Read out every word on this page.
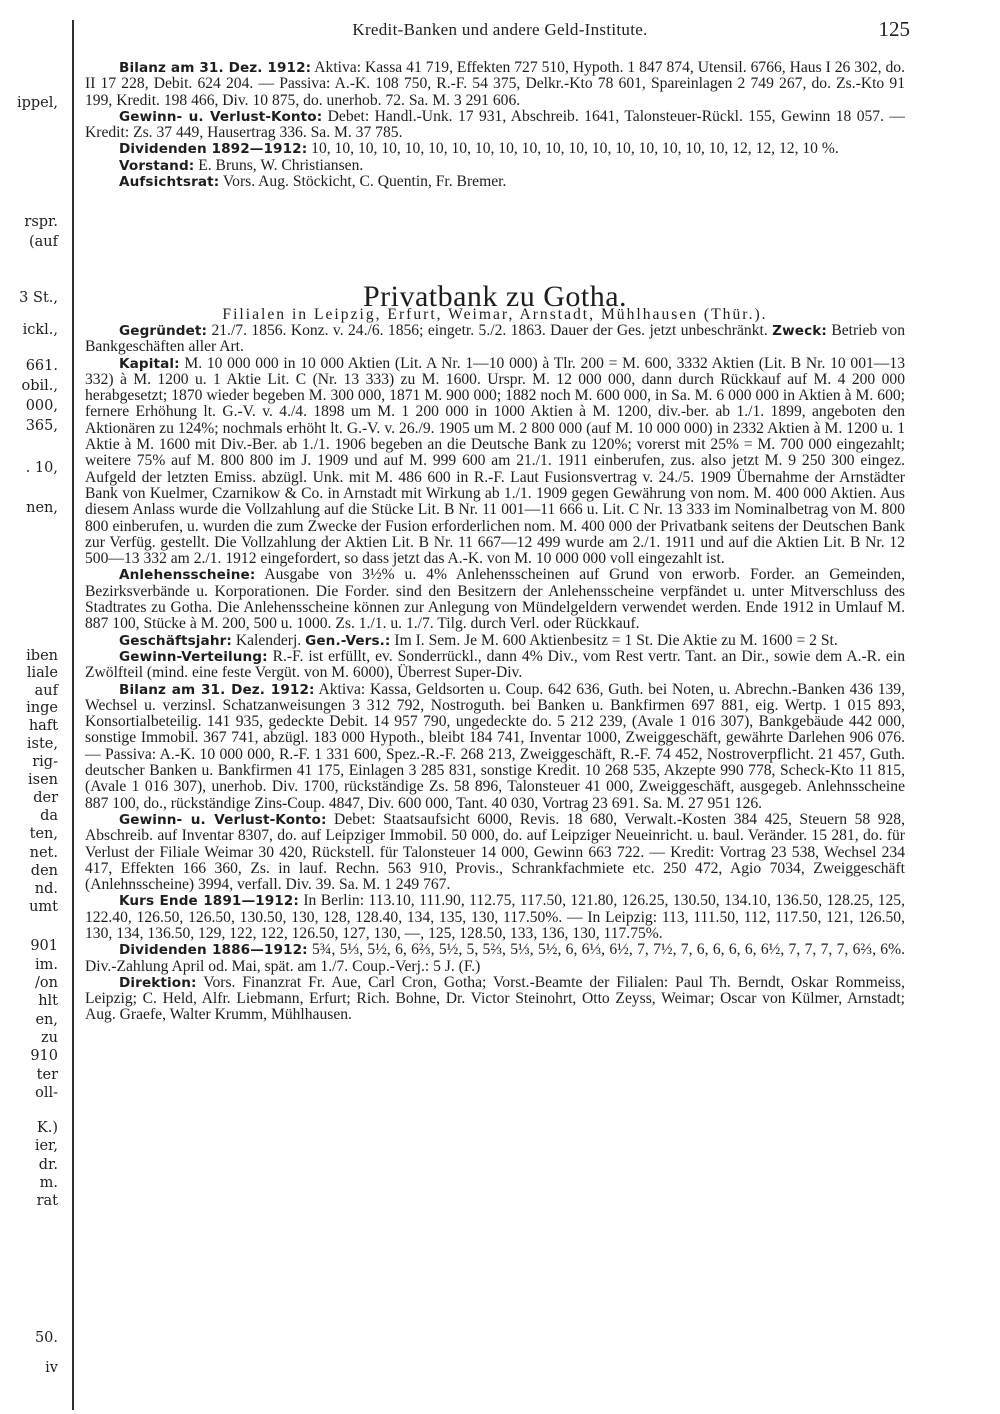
ippel,
rspr.
(auf
3 St.,
ickl.,
661.
obil.,
000,
365,
. 10,
nen,
iben
liale
auf
inge
haft
iste,
rig-
isen
der
da
ten,
net.
den
nd.
umt
901
im.
/on
hlt
en,
zu
910
ter
oll-
K.)
ier,
dr.
m.
rat
50.
iv
Kredit-Banken und andere Geld-Institute.	125

Bilanz am 31. Dez. 1912: Aktiva: Kassa 41 719, Effekten 727 510, Hypoth. 1 847 874, Utensil. 6766, Haus I 26 302, do. II 17 228, Debit. 624 204. — Passiva: A.-K. 108 750, R.-F. 54 375, Delkr.-Kto 78 601, Spareinlagen 2 749 267, do. Zs.-Kto 91 199, Kredit. 198 466, Div. 10 875, do. unerhob. 72. Sa. M. 3 291 606.

Gewinn- u. Verlust-Konto: Debet: Handl.-Unk. 17 931, Abschreib. 1641, Talonsteuer-Rückl. 155, Gewinn 18 057. — Kredit: Zs. 37 449, Hausertrag 336. Sa. M. 37 785.

Dividenden 1892—1912: 10, 10, 10, 10, 10, 10, 10, 10, 10, 10, 10, 10, 10, 10, 10, 10, 10, 10, 12, 12, 12, 10 %.

Vorstand: E. Bruns, W. Christiansen.

Aufsichtsrat: Vors. Aug. Stöckicht, C. Quentin, Fr. Bremer.

Privatbank zu Gotha.
Filialen in Leipzig, Erfurt, Weimar, Arnstadt, Mühlhausen (Thür.).

Gegründet: 21./7. 1856. Konz. v. 24./6. 1856; eingetr. 5./2. 1863. Dauer der Ges. jetzt unbeschränkt. Zweck: Betrieb von Bankgeschäften aller Art.

Kapital: M. 10 000 000 in 10 000 Aktien (Lit. A Nr. 1—10 000) à Tlr. 200 = M. 600, 3332 Aktien (Lit. B Nr. 10 001—13 332) à M. 1200 u. 1 Aktie Lit. C (Nr. 13 333) zu M. 1600. Urspr. M. 12 000 000, dann durch Rückkauf auf M. 4 200 000 herabgesetzt; 1870 wieder begeben M. 300 000, 1871 M. 900 000; 1882 noch M. 600 000, in Sa. M. 6 000 000 in Aktien à M. 600; fernere Erhöhung lt. G.-V. v. 4./4. 1898 um M. 1 200 000 in 1000 Aktien à M. 1200, div.-ber. ab 1./1. 1899, angeboten den Aktionären zu 124%; nochmals erhöht lt. G.-V. v. 26./9. 1905 um M. 2 800 000 (auf M. 10 000 000) in 2332 Aktien à M. 1200 u. 1 Aktie à M. 1600 mit Div.-Ber. ab 1./1. 1906 begeben an die Deutsche Bank zu 120%; vorerst mit 25% = M. 700 000 eingezahlt; weitere 75% auf M. 800 800 im J. 1909 und auf M. 999 600 am 21./1. 1911 einberufen, zus. also jetzt M. 9 250 300 eingez. Aufgeld der letzten Emiss. abzügl. Unk. mit M. 486 600 in R.-F. Laut Fusionsvertrag v. 24./5. 1909 Übernahme der Arnstädter Bank von Kuelmer, Czarnikow & Co. in Arnstadt mit Wirkung ab 1./1. 1909 gegen Gewährung von nom. M. 400 000 Aktien. Aus diesem Anlass wurde die Vollzahlung auf die Stücke Lit. B Nr. 11 001—11 666 u. Lit. C Nr. 13 333 im Nominalbetrag von M. 800 800 einberufen, u. wurden die zum Zwecke der Fusion erforderlichen nom. M. 400 000 der Privatbank seitens der Deutschen Bank zur Verfüg. gestellt. Die Vollzahlung der Aktien Lit. B Nr. 11 667—12 499 wurde am 2./1. 1911 und auf die Aktien Lit. B Nr. 12 500—13 332 am 2./1. 1912 eingefordert, so dass jetzt das A.-K. von M. 10 000 000 voll eingezahlt ist.

Anlehensscheine: Ausgabe von 3½% u. 4% Anlehensscheinen auf Grund von erworb. Forder. an Gemeinden, Bezirksverbände u. Korporationen. Die Forder. sind den Besitzern der Anlehensscheine verpfändet u. unter Mitverschluss des Stadtrates zu Gotha. Die Anlehensscheine können zur Anlegung von Mündelgeldern verwendet werden. Ende 1912 in Umlauf M. 887 100, Stücke à M. 200, 500 u. 1000. Zs. 1./1. u. 1./7. Tilg. durch Verl. oder Rückkauf.

Geschäftsjahr: Kalenderj. Gen.-Vers.: Im I. Sem. Je M. 600 Aktienbesitz = 1 St. Die Aktie zu M. 1600 = 2 St.

Gewinn-Verteilung: R.-F. ist erfüllt, ev. Sonderrückl., dann 4% Div., vom Rest vertr. Tant. an Dir., sowie dem A.-R. ein Zwölfteil (mind. eine feste Vergüt. von M. 6000), Überrest Super-Div.

Bilanz am 31. Dez. 1912: Aktiva: Kassa, Geldsorten u. Coup. 642 636, Guth. bei Noten, u. Abrechn.-Banken 436 139, Wechsel u. verzinsl. Schatzanweisungen 3 312 792, Nostroguth. bei Banken u. Bankfirmen 697 881, eig. Wertp. 1 015 893, Konsortialbeteilig. 141 935, gedeckte Debit. 14 957 790, ungedeckte do. 5 212 239, (Avale 1 016 307), Bankgebäude 442 000, sonstige Immobil. 367 741, abzügl. 183 000 Hypoth., bleibt 184 741, Inventar 1000, Zweiggeschäft, gewährte Darlehen 906 076. — Passiva: A.-K. 10 000 000, R.-F. 1 331 600, Spez.-R.-F. 268 213, Zweiggeschäft, R.-F. 74 452, Nostroverpflicht. 21 457, Guth. deutscher Banken u. Bankfirmen 41 175, Einlagen 3 285 831, sonstige Kredit. 10 268 535, Akzepte 990 778, Scheck-Kto 11 815, (Avale 1 016 307), unerhob. Div. 1700, rückständige Zs. 58 896, Talonsteuer 41 000, Zweiggeschäft, ausgegeb. Anlehnsscheine 887 100, do., rückständige Zins-Coup. 4847, Div. 600 000, Tant. 40 030, Vortrag 23 691. Sa. M. 27 951 126.

Gewinn- u. Verlust-Konto: Debet: Staatsaufsicht 6000, Revis. 18 680, Verwalt.-Kosten 384 425, Steuern 58 928, Abschreib. auf Inventar 8307, do. auf Leipziger Immobil. 50 000, do. auf Leipziger Neueinricht. u. baul. Veränder. 15 281, do. für Verlust der Filiale Weimar 30 420, Rückstell. für Talonsteuer 14 000, Gewinn 663 722. — Kredit: Vortrag 23 538, Wechsel 234 417, Effekten 166 360, Zs. in lauf. Rechn. 563 910, Provis., Schrankfachmiete etc. 250 472, Agio 7034, Zweiggeschäft (Anlehnsscheine) 3994, verfall. Div. 39. Sa. M. 1 249 767.

Kurs Ende 1891—1912: In Berlin: 113.10, 111.90, 112.75, 117.50, 121.80, 126.25, 130.50, 134.10, 136.50, 128.25, 125, 122.40, 126.50, 126.50, 130.50, 130, 128, 128.40, 134, 135, 130, 117.50%. — In Leipzig: 113, 111.50, 112, 117.50, 121, 126.50, 130, 134, 136.50, 129, 122, 122, 126.50, 127, 130, —, 125, 128.50, 133, 136, 130, 117.75%.

Dividenden 1886—1912: 5¾, 5⅓, 5½, 6, 6⅔, 5½, 5, 5⅔, 5⅓, 5½, 6, 6⅓, 6½, 7, 7½, 7, 6, 6, 6, 6, 6½, 7, 7, 7, 7, 6⅔, 6%. Div.-Zahlung April od. Mai, spät. am 1./7. Coup.-Verj.: 5 J. (F.)

Direktion: Vors. Finanzrat Fr. Aue, Carl Cron, Gotha; Vorst.-Beamte der Filialen: Paul Th. Berndt, Oskar Rommeiss, Leipzig; C. Held, Alfr. Liebmann, Erfurt; Rich. Bohne, Dr. Victor Steinohrt, Otto Zeyss, Weimar; Oscar von Külmer, Arnstadt; Aug. Graefe, Walter Krumm, Mühlhausen.
